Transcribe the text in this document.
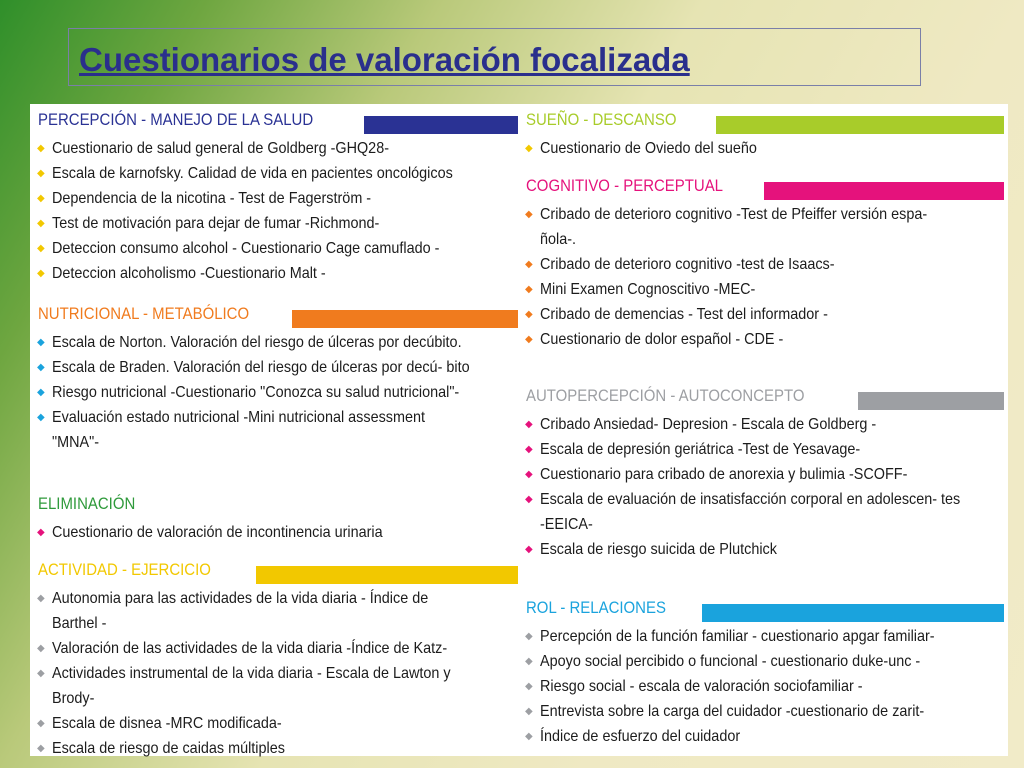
Cuestionarios de valoración focalizada
PERCEPCIÓN - MANEJO DE LA SALUD
◆ Cuestionario de salud general de Goldberg -GHQ28-
◆ Escala de karnofsky. Calidad de vida en pacientes oncológicos
◆ Dependencia de la nicotina - Test de Fagerström -
◆ Test de motivación para dejar de fumar -Richmond-
◆ Deteccion consumo alcohol - Cuestionario Cage camuflado -
◆ Deteccion alcoholismo -Cuestionario Malt -
NUTRICIONAL - METABÓLICO
◆ Escala de Norton. Valoración del riesgo de úlceras por decúbito.
◆ Escala de Braden. Valoración del riesgo de úlceras por decú- bito
◆ Riesgo nutricional -Cuestionario "Conozca su salud nutricional"-
◆ Evaluación estado nutricional -Mini nutricional assessment "MNA"-
ELIMINACIÓN
◆ Cuestionario de valoración de incontinencia urinaria
ACTIVIDAD - EJERCICIO
◆ Autonomia para las actividades de la vida diaria - Índice de Barthel -
◆ Valoración de las actividades de la vida diaria -Índice de Katz-
◆ Actividades instrumental de la vida diaria - Escala de Lawton y Brody-
◆ Escala de disnea -MRC modificada-
◆ Escala de riesgo de caidas múltiples
SUEÑO - DESCANSO
◆ Cuestionario de Oviedo del sueño
COGNITIVO - PERCEPTUAL
◆ Cribado de deterioro cognitivo -Test de Pfeiffer versión espa- ñola-.
◆ Cribado de deterioro cognitivo -test de Isaacs-
◆ Mini Examen Cognoscitivo -MEC-
◆ Cribado de demencias - Test del informador -
◆ Cuestionario de dolor español - CDE -
AUTOPERCEPCIÓN - AUTOCONCEPTO
◆ Cribado Ansiedad- Depresion - Escala de Goldberg -
◆ Escala de depresión geriátrica -Test de Yesavage-
◆ Cuestionario para cribado de anorexia y bulimia -SCOFF-
◆ Escala de evaluación de insatisfacción corporal en adolescen- tes -EEICA-
◆ Escala de riesgo suicida de Plutchick
ROL - RELACIONES
◆ Percepción de la función familiar - cuestionario apgar familiar-
◆ Apoyo social percibido o funcional - cuestionario duke-unc -
◆ Riesgo social - escala de valoración sociofamiliar -
◆ Entrevista sobre la carga del cuidador -cuestionario de zarit-
◆ Índice de esfuerzo del cuidador
